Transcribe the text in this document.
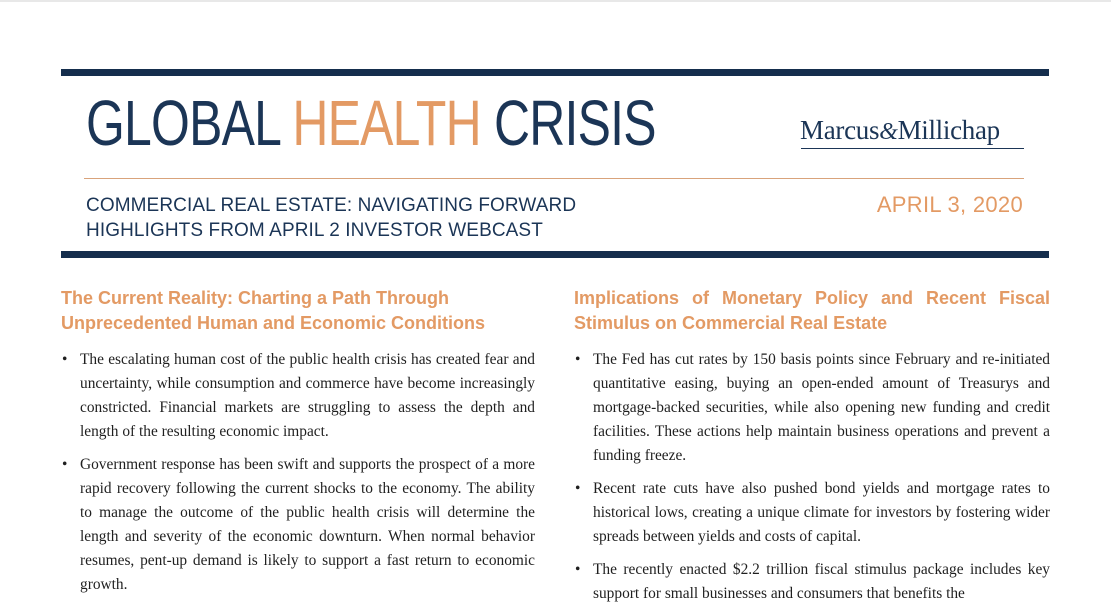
GLOBAL HEALTH CRISIS	Marcus&Millichap
COMMERCIAL REAL ESTATE: NAVIGATING FORWARD
HIGHLIGHTS FROM APRIL 2 INVESTOR WEBCAST
APRIL 3, 2020
The Current Reality: Charting a Path Through
Unprecedented Human and Economic Conditions
• The escalating human cost of the public health crisis has created fear and uncertainty, while consumption and commerce have become increasingly constricted. Financial markets are struggling to assess the depth and length of the resulting economic impact.
• Government response has been swift and supports the prospect of a more rapid recovery following the current shocks to the economy. The ability to manage the outcome of the public health crisis will determine the length and severity of the economic downturn. When normal behavior resumes, pent-up demand is likely to support a fast return to economic growth.
Implications of Monetary Policy and Recent Fiscal
Stimulus on Commercial Real Estate
• The Fed has cut rates by 150 basis points since February and re-initiated quantitative easing, buying an open-ended amount of Treasurys and mortgage-backed securities, while also opening new funding and credit facilities. These actions help maintain business operations and prevent a funding freeze.
• Recent rate cuts have also pushed bond yields and mortgage rates to historical lows, creating a unique climate for investors by fostering wider spreads between yields and costs of capital.
• The recently enacted $2.2 trillion fiscal stimulus package includes key support for small businesses and consumers that benefits the
